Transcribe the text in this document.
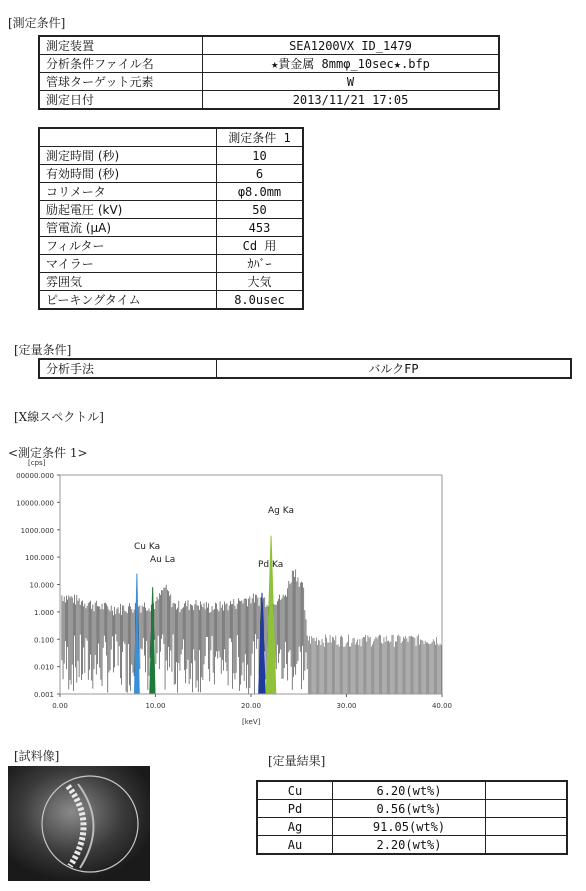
[測定条件]
測定装置	SEA1200VX ID_1479
分析条件ファイル名	★貴金属 8mmφ_10sec★.bfp
管球ターゲット元素	W
測定日付	2013/11/21 17:05
	測定条件 1
測定時間 (秒)	10
有効時間 (秒)	6
コリメータ	φ8.0mm
励起電圧 (kV)	50
管電流 (μA)	453
フィルター	Cd 用
マイラー	ｶﾊﾞｰ
雰囲気	大気
ピーキングタイム	8.0usec
[定量条件]
分析手法	バルクFP
[X線スペクトル]
<測定条件 1>
[cps]
00000.000
10000.000
1000.000
100.000
10.000
1.000
0.100
0.010
0.001
0.00	10.00	20.00	30.00	40.00
[keV]
Cu Ka
Au La
Ag Ka
Pd Ka
[試料像]	[定量結果]
Cu	6.20(wt%)	
Pd	0.56(wt%)	
Ag	91.05(wt%)	
Au	2.20(wt%)	
